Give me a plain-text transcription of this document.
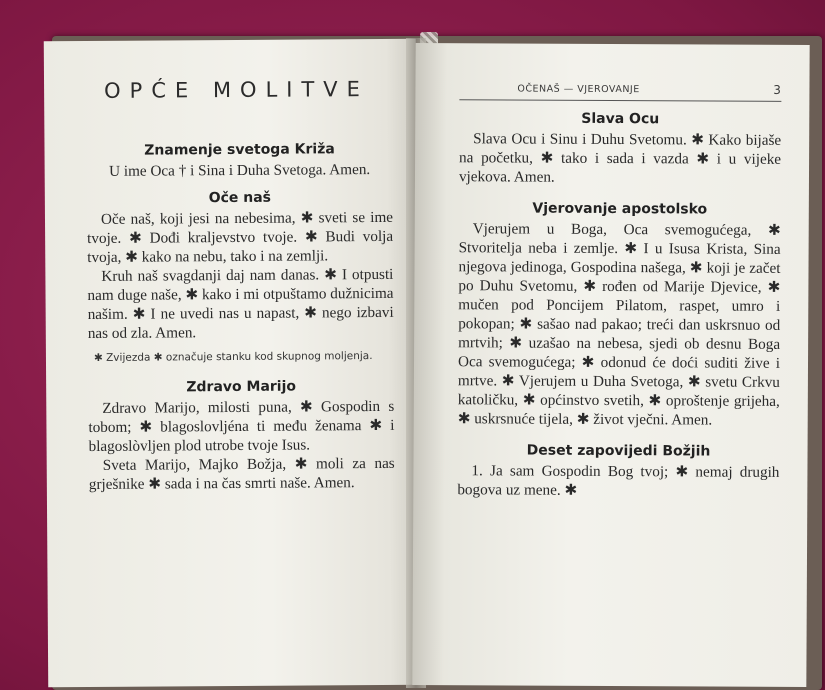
OPĆE MOLITVE
Znamenje svetoga Križa

U ime Oca † i Sina i Duha Svetoga. Amen.

Oče naš

Oče naš, koji jesi na nebesima, ✱ sveti se ime tvoje. ✱ Dođi kraljevstvo tvoje. ✱ Budi volja tvoja, ✱ kako na nebu, tako i na zemlji.

Kruh naš svagdanji daj nam danas. ✱ I otpusti nam duge naše, ✱ kako i mi otpuštamo dužnicima našim. ✱ I ne uvedi nas u napast, ✱ nego izbavi nas od zla. Amen.

✱ Zvijezda ✱ označuje stanku kod skupnog moljenja.

Zdravo Marijo

Zdravo Marijo, milosti puna, ✱ Gospodin s tobom; ✱ blagoslovljéna ti među ženama ✱ i blagoslòvljen plod utrobe tvoje Isus.

Sveta Marijo, Majko Božja, ✱ moli za nas grješnike ✱ sada i na čas smrti naše. Amen.

OČENAŠ — VJEROVANJE	3
Slava Ocu

Slava Ocu i Sinu i Duhu Svetomu. ✱ Kako bijaše na početku, ✱ tako i sada i vazda ✱ i u vijeke vjekova. Amen.

Vjerovanje apostolsko

Vjerujem u Boga, Oca svemogućega, ✱ Stvoritelja neba i zemlje. ✱ I u Isusa Krista, Sina njegova jedinoga, Gospodina našega, ✱ koji je začet po Duhu Svetomu, ✱ rođen od Marije Djevice, ✱ mučen pod Poncijem Pilatom, raspet, umro i pokopan; ✱ sašao nad pakao; treći dan uskrsnuo od mrtvih; ✱ uzašao na nebesa, sjedi ob desnu Boga Oca svemogućega; ✱ odonud će doći suditi žive i mrtve. ✱ Vjerujem u Duha Svetoga, ✱ svetu Crkvu katoličku, ✱ općinstvo svetih, ✱ oproštenje grijeha, ✱ uskrsnuće tijela, ✱ život vječni. Amen.

Deset zapovijedi Božjih

1. Ja sam Gospodin Bog tvoj; ✱ nemaj drugih bogova uz mene. ✱
